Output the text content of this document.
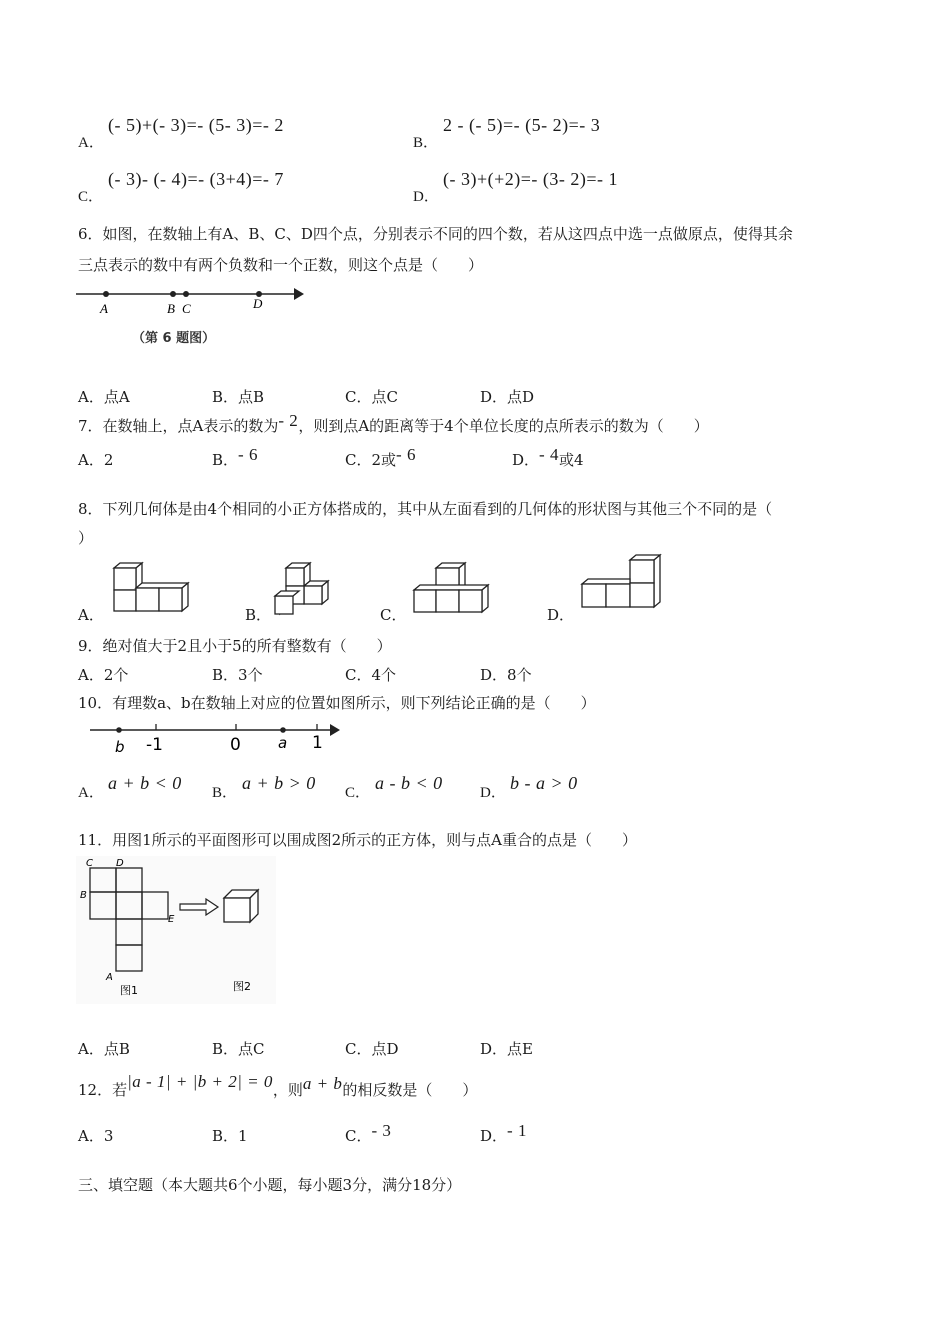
A．
(- 5)+(- 3)=- (5- 3)=- 2
B．
2 - (- 5)=- (5- 2)=- 3
C．
(- 3)- (- 4)=- (3+4)=- 7
D．
(- 3)+(+2)=- (3- 2)=- 1
6．如图，在数轴上有A、B、C、D四个点，分别表示不同的四个数，若从这四点中选一点做原点，使得其余
三点表示的数中有两个负数和一个正数，则这个点是（　　）
A	B C	D
（第 6 题图）
A．点A	B．点B	C．点C	D．点D
7．在数轴上，点A表示的数为- 2，则到点A的距离等于4个单位长度的点所表示的数为（　　）
A．2	B．- 6	C．2或- 6	D．- 4或4
8．下列几何体是由4个相同的小正方体搭成的，其中从左面看到的几何体的形状图与其他三个不同的是（
）
A．	B．	C．	D．
9．绝对值大于2且小于5的所有整数有（　　）
A．2个	B．3个	C．4个	D．8个
10．有理数a、b在数轴上对应的位置如图所示，则下列结论正确的是（　　）
b -1	0 a 1
A． a + b < 0 B． a + b > 0 C． a - b < 0 D． b - a > 0
11．用图1所示的平面图形可以围成图2所示的正方体，则与点A重合的点是（　　）
C D
B
E
A
图1	图2
A．点B	B．点C	C．点D	D．点E
12．若|a - 1| + |b + 2| = 0，则a + b的相反数是（　　）
A．3	B．1	C．- 3	D．- 1
三、填空题（本大题共6个小题，每小题3分，满分18分）
